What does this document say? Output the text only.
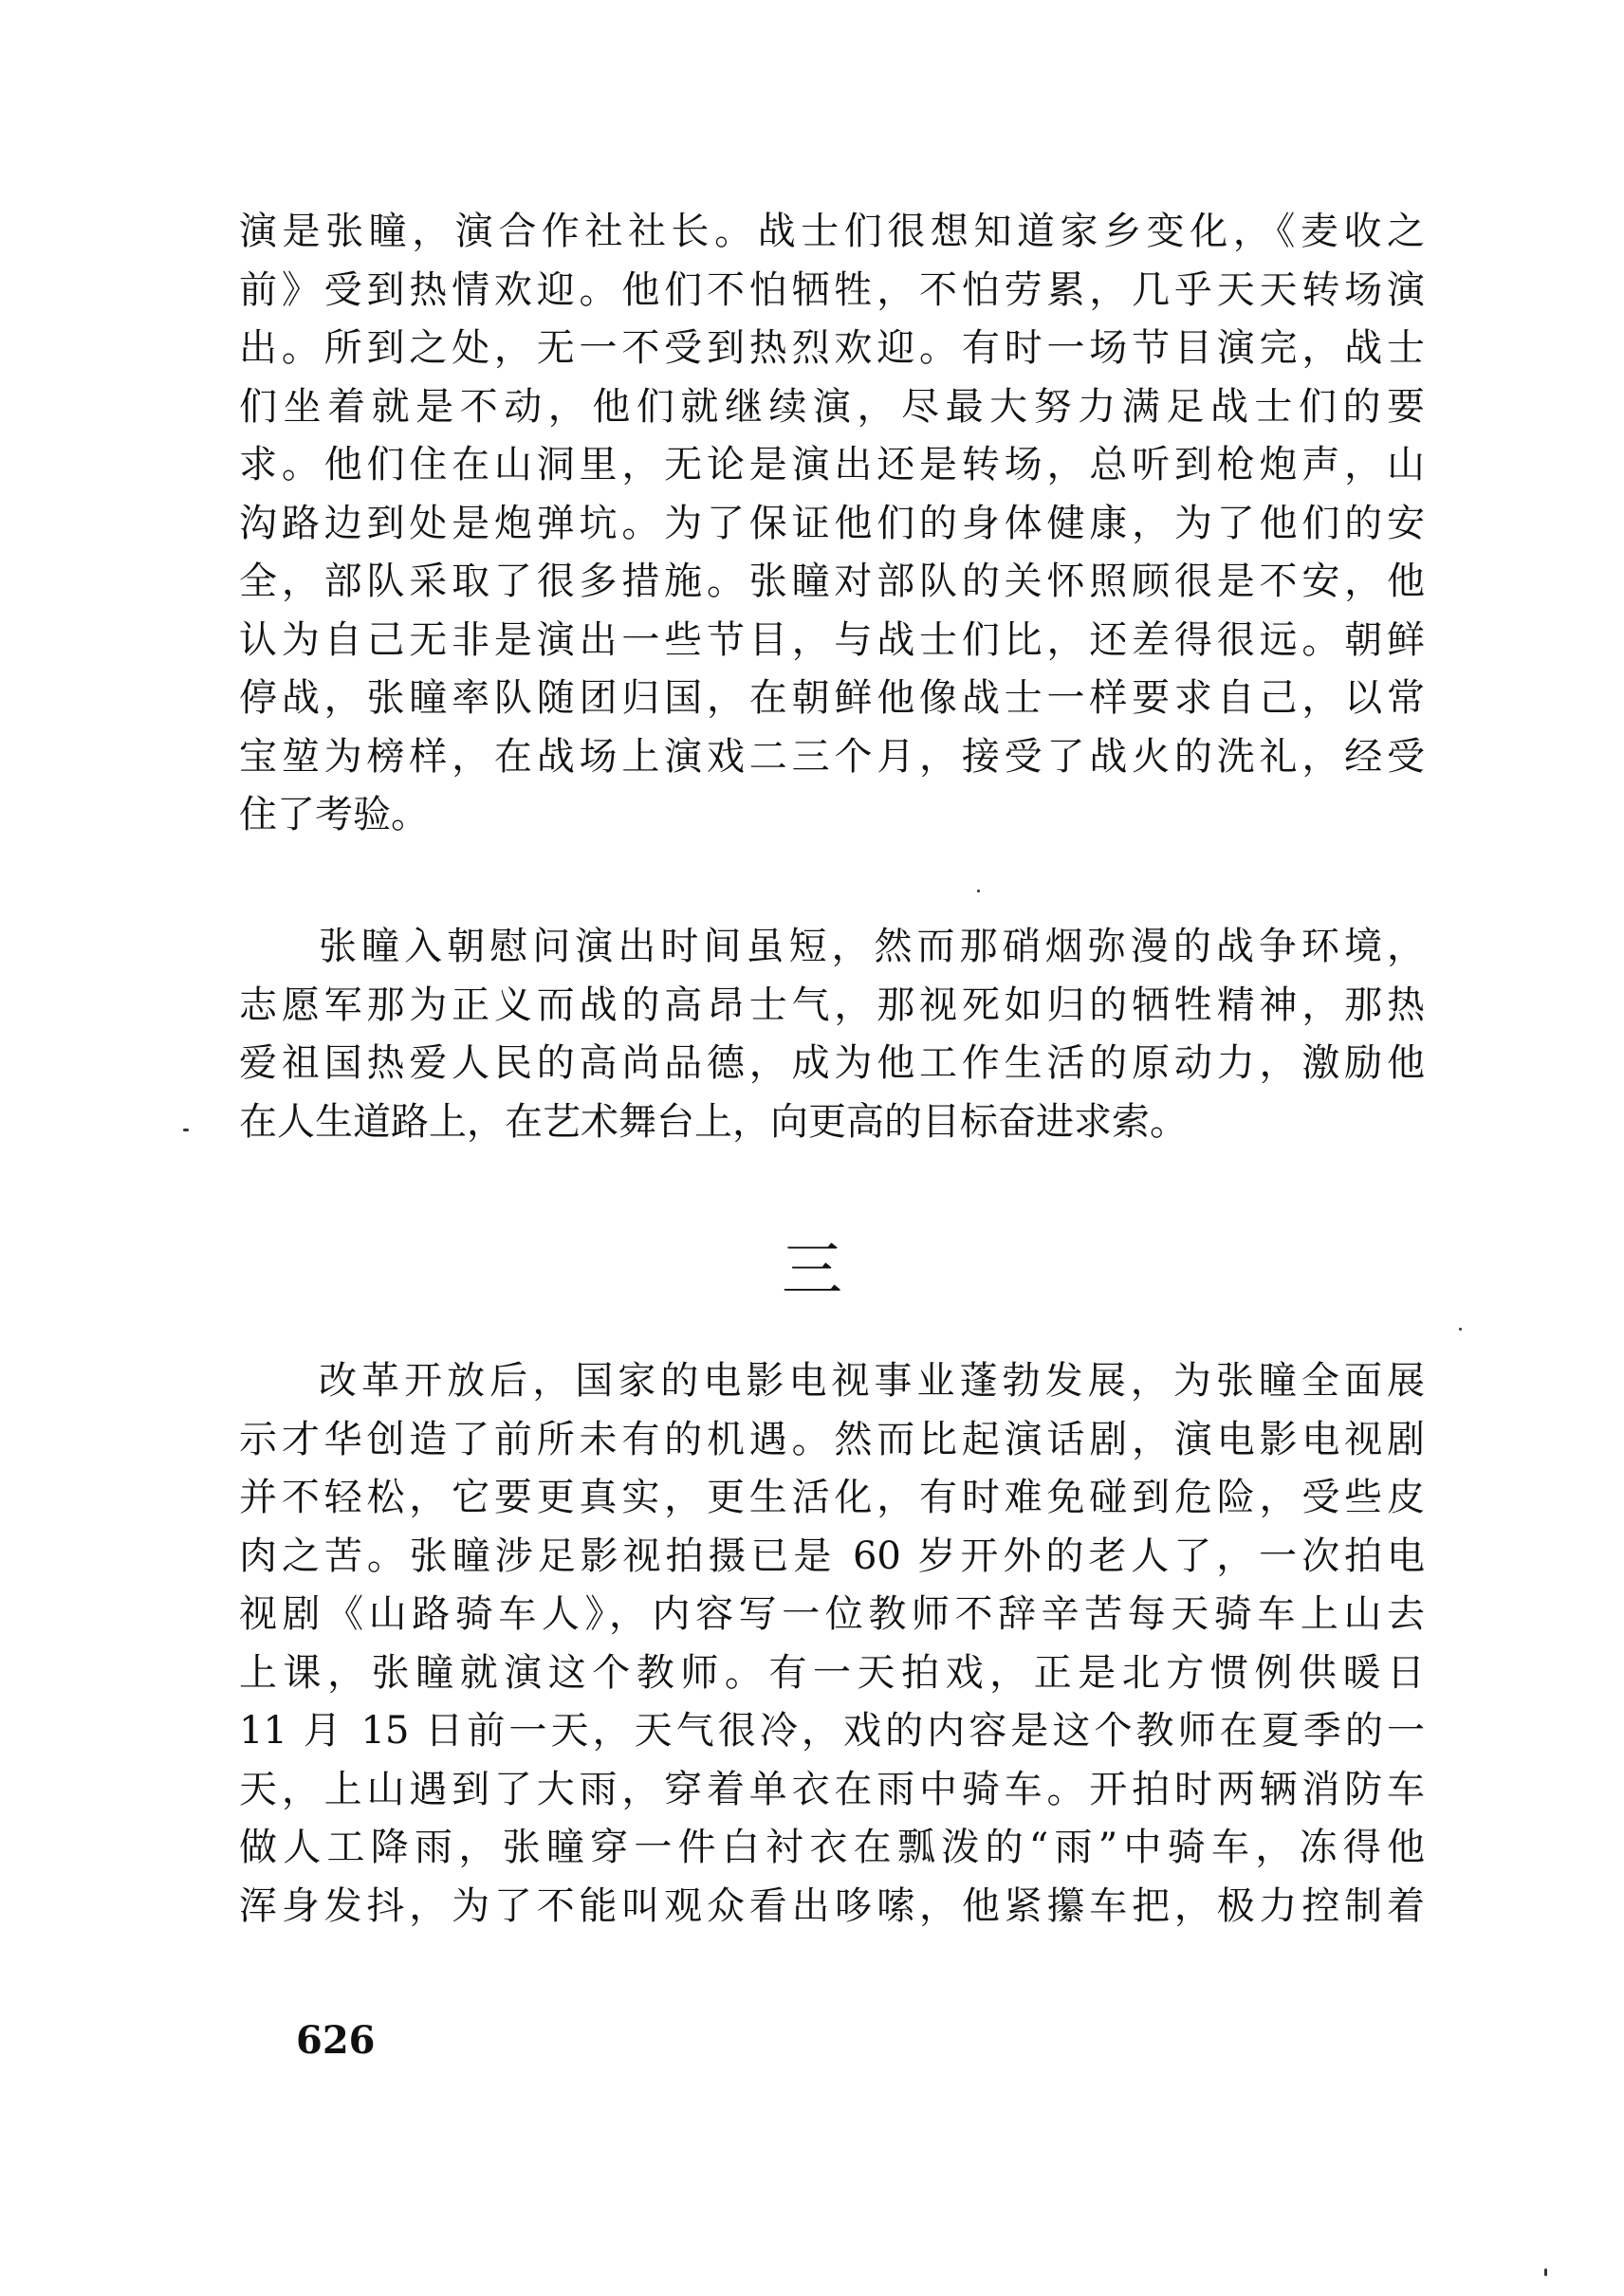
演是张瞳，演合作社社长。战士们很想知道家乡变化，《麦收之
前》受到热情欢迎。他们不怕牺牲，不怕劳累，几乎天天转场演
出。所到之处，无一不受到热烈欢迎。有时一场节目演完，战士
们坐着就是不动，他们就继续演，尽最大努力满足战士们的要
求。他们住在山洞里，无论是演出还是转场，总听到枪炮声，山
沟路边到处是炮弹坑。为了保证他们的身体健康，为了他们的安
全，部队采取了很多措施。张瞳对部队的关怀照顾很是不安，他
认为自己无非是演出一些节目，与战士们比，还差得很远。朝鲜
停战，张瞳率队随团归国，在朝鲜他像战士一样要求自己，以常
宝堃为榜样，在战场上演戏二三个月，接受了战火的洗礼，经受
住了考验。
张瞳入朝慰问演出时间虽短，然而那硝烟弥漫的战争环境，
志愿军那为正义而战的高昂士气，那视死如归的牺牲精神，那热
爱祖国热爱人民的高尚品德，成为他工作生活的原动力，激励他
在人生道路上，在艺术舞台上，向更高的目标奋进求索。
三
改革开放后，国家的电影电视事业蓬勃发展，为张瞳全面展
示才华创造了前所未有的机遇。然而比起演话剧，演电影电视剧
并不轻松，它要更真实，更生活化，有时难免碰到危险，受些皮
肉之苦。张瞳涉足影视拍摄已是 60 岁开外的老人了，一次拍电
视剧《山路骑车人》，内容写一位教师不辞辛苦每天骑车上山去
上课，张瞳就演这个教师。有一天拍戏，正是北方惯例供暖日
11 月 15 日前一天，天气很冷，戏的内容是这个教师在夏季的一
天，上山遇到了大雨，穿着单衣在雨中骑车。开拍时两辆消防车
做人工降雨，张瞳穿一件白衬衣在瓢泼的“雨”中骑车，冻得他
浑身发抖，为了不能叫观众看出哆嗦，他紧攥车把，极力控制着
626
